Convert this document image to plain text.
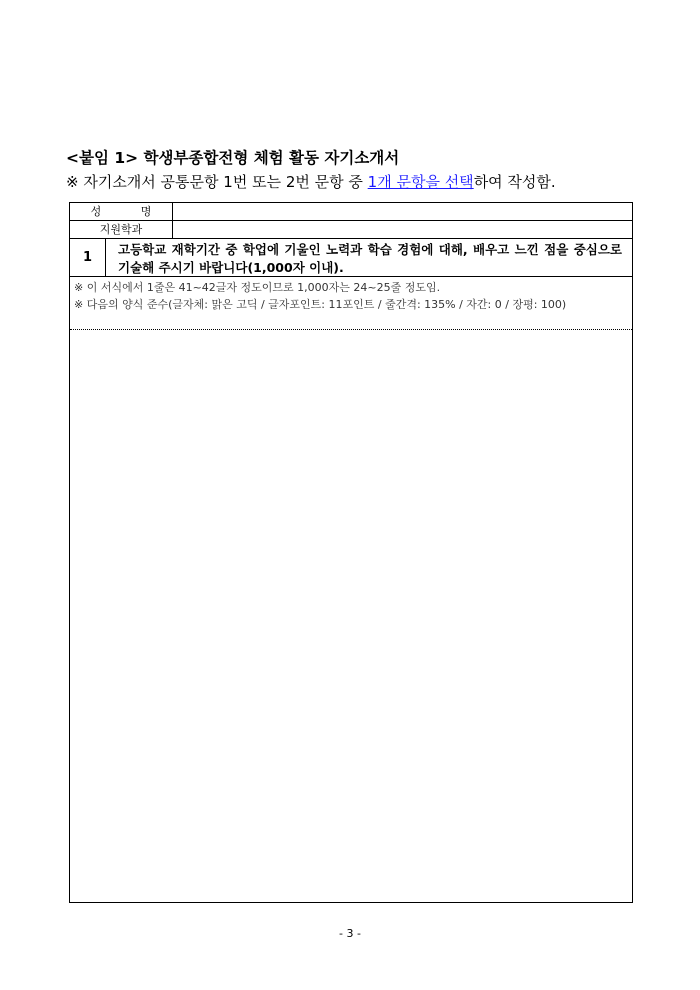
<붙임 1> 학생부종합전형 체험 활동 자기소개서
※ 자기소개서 공통문항 1번 또는 2번 문항 중 1개 문항을 선택하여 작성함.
성 명
지원학과
1
고등학교 재학기간 중 학업에 기울인 노력과 학습 경험에 대해, 배우고 느낀 점을 중심으로 기술해 주시기 바랍니다(1,000자 이내).

※ 이 서식에서 1줄은 41~42글자 정도이므로 1,000자는 24~25줄 정도임.

※ 다음의 양식 준수(글자체: 맑은 고딕 / 글자포인트: 11포인트 / 줄간격: 135% / 자간: 0 / 장평: 100)

- 3 -
